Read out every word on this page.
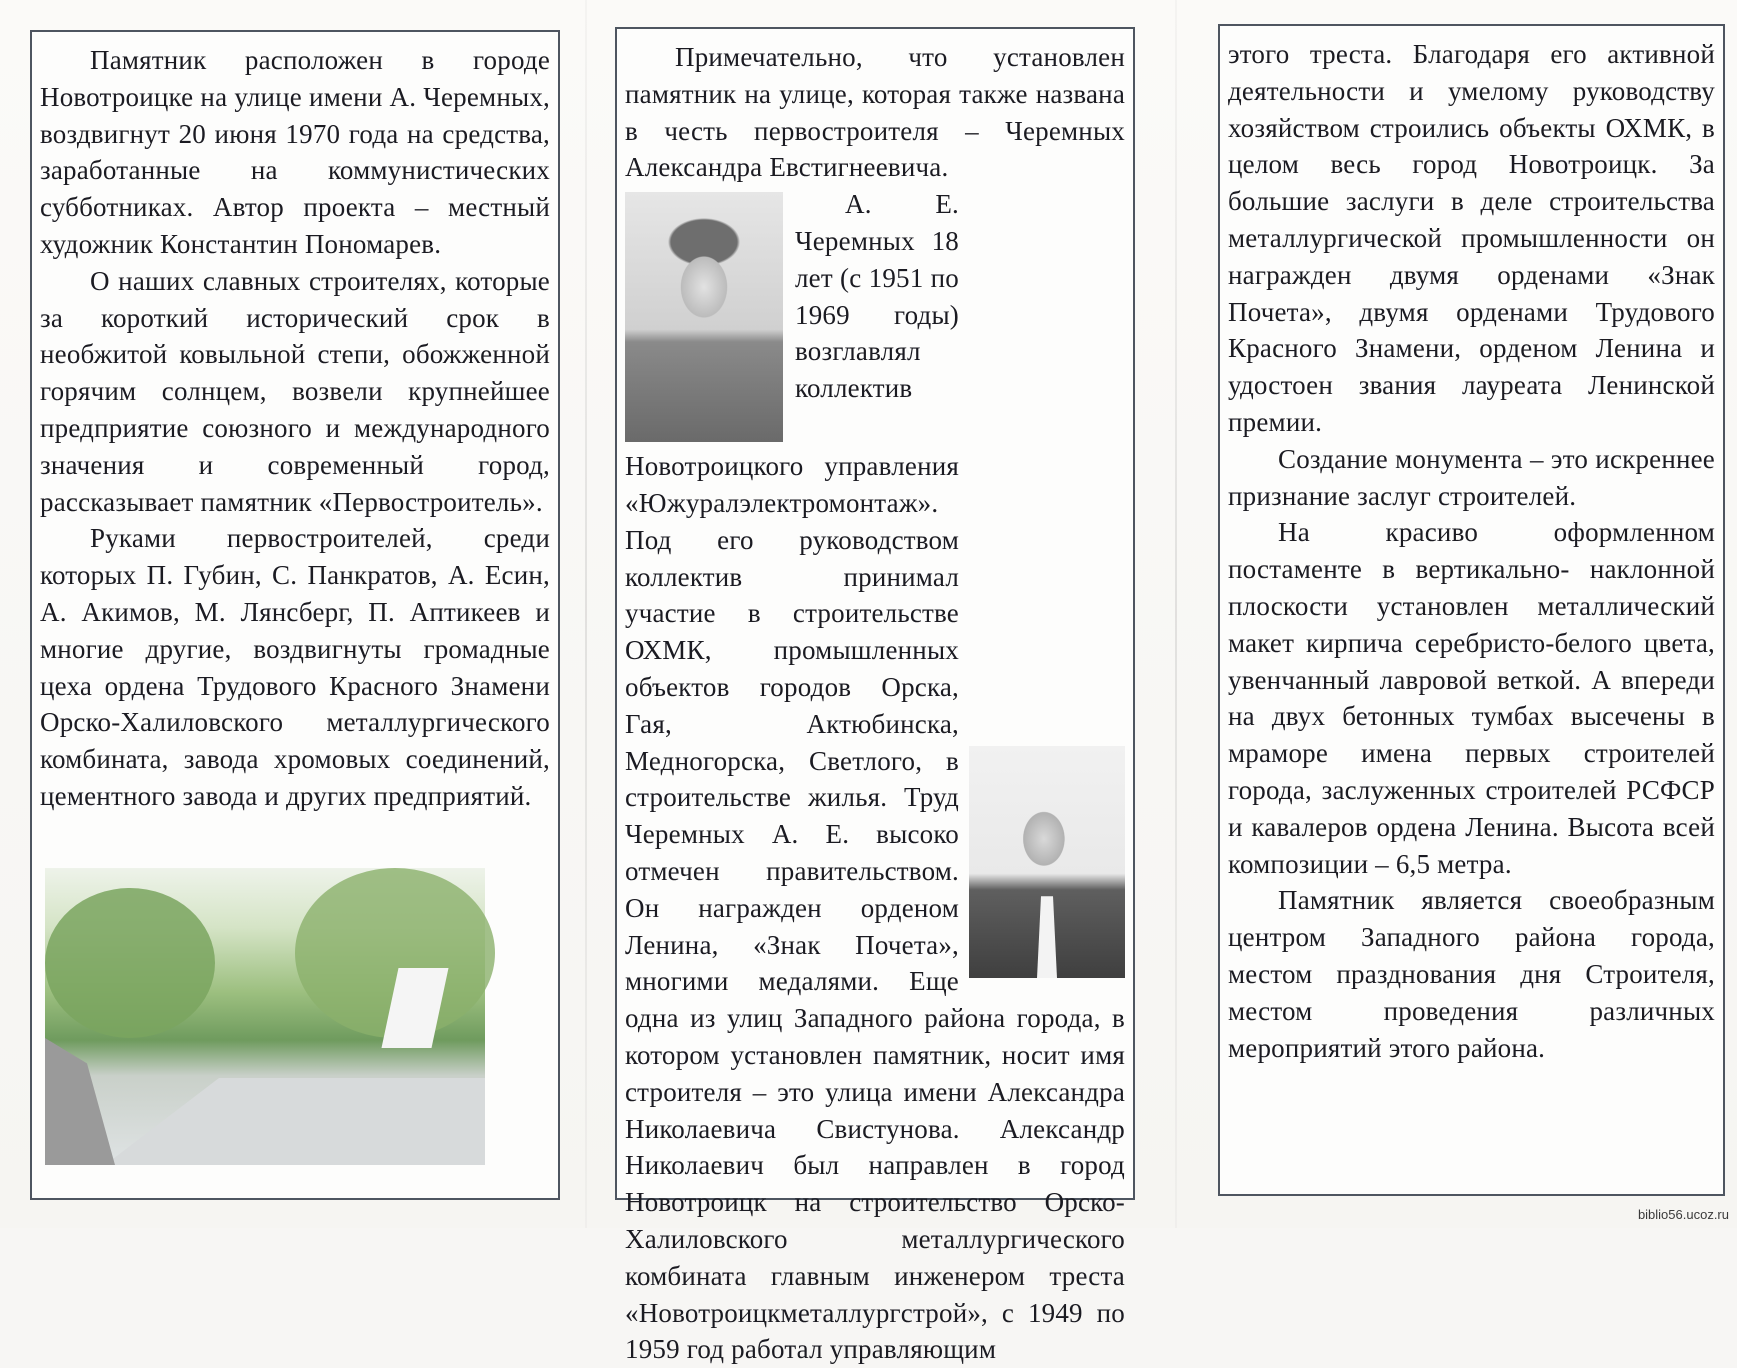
Памятник расположен в городе Новотроицке на улице имени А. Черемных, воздвигнут 20 июня 1970 года на средства, заработанные на коммунистических субботниках. Автор проекта – местный художник Константин Пономарев.

О наших славных строителях, которые за короткий исторический срок в необжитой ковыльной степи, обожженной горячим солнцем, возвели крупнейшее предприятие союзного и международного значения и современный город, рассказывает памятник «Первостроитель».

Руками первостроителей, среди которых П. Губин, С. Панкратов, А. Есин, А. Акимов, М. Лянсберг, П. Аптикеев и многие другие, воздвигнуты громадные цеха ордена Трудового Красного Знамени Орско-Халиловского металлургического комбината, завода хромовых соединений, цементного завода и других предприятий.

Примечательно, что установлен памятник на улице, которая также названа в честь первостроителя – Черемных Александра Евстигнеевича.

А. Е. Черемных 18 лет (с 1951 по 1969 годы) возглавлял коллектив Новотроицкого управления «Южуралэлектромонтаж». Под его руководством коллектив принимал участие в строительстве ОХМК, промышленных объектов городов Орска, Гая, Актюбинска, Медногорска, Светлого, в строительстве жилья. Труд Черемных А. Е. высоко отмечен правительством. Он награжден орденом Ленина, «Знак Почета», многими медалями. Еще одна из улиц Западного района города, в котором установлен памятник, носит имя строителя – это улица имени Александра Николаевича Свистунова. Александр Николаевич был направлен в город Новотроицк на строительство Орско-Халиловского металлургического комбината главным инженером треста «Новотроицкметаллургстрой», с 1949 по 1959 год работал управляющим

этого треста. Благодаря его активной деятельности и умелому руководству хозяйством строились объекты ОХМК, в целом весь город Новотроицк. За большие заслуги в деле строительства металлургической промышленности он награжден двумя орденами «Знак Почета», двумя орденами Трудового Красного Знамени, орденом Ленина и удостоен звания лауреата Ленинской премии.

Создание монумента – это искреннее признание заслуг строителей.

На красиво оформленном постаменте в вертикально- наклонной плоскости установлен металлический макет кирпича серебристо-белого цвета, увенчанный лавровой веткой. А впереди на двух бетонных тумбах высечены в мраморе имена первых строителей города, заслуженных строителей РСФСР и кавалеров ордена Ленина. Высота всей композиции – 6,5 метра.

Памятник является своеобразным центром Западного района города, местом празднования дня Строителя, местом проведения различных мероприятий этого района.

biblio56.ucoz.ru
